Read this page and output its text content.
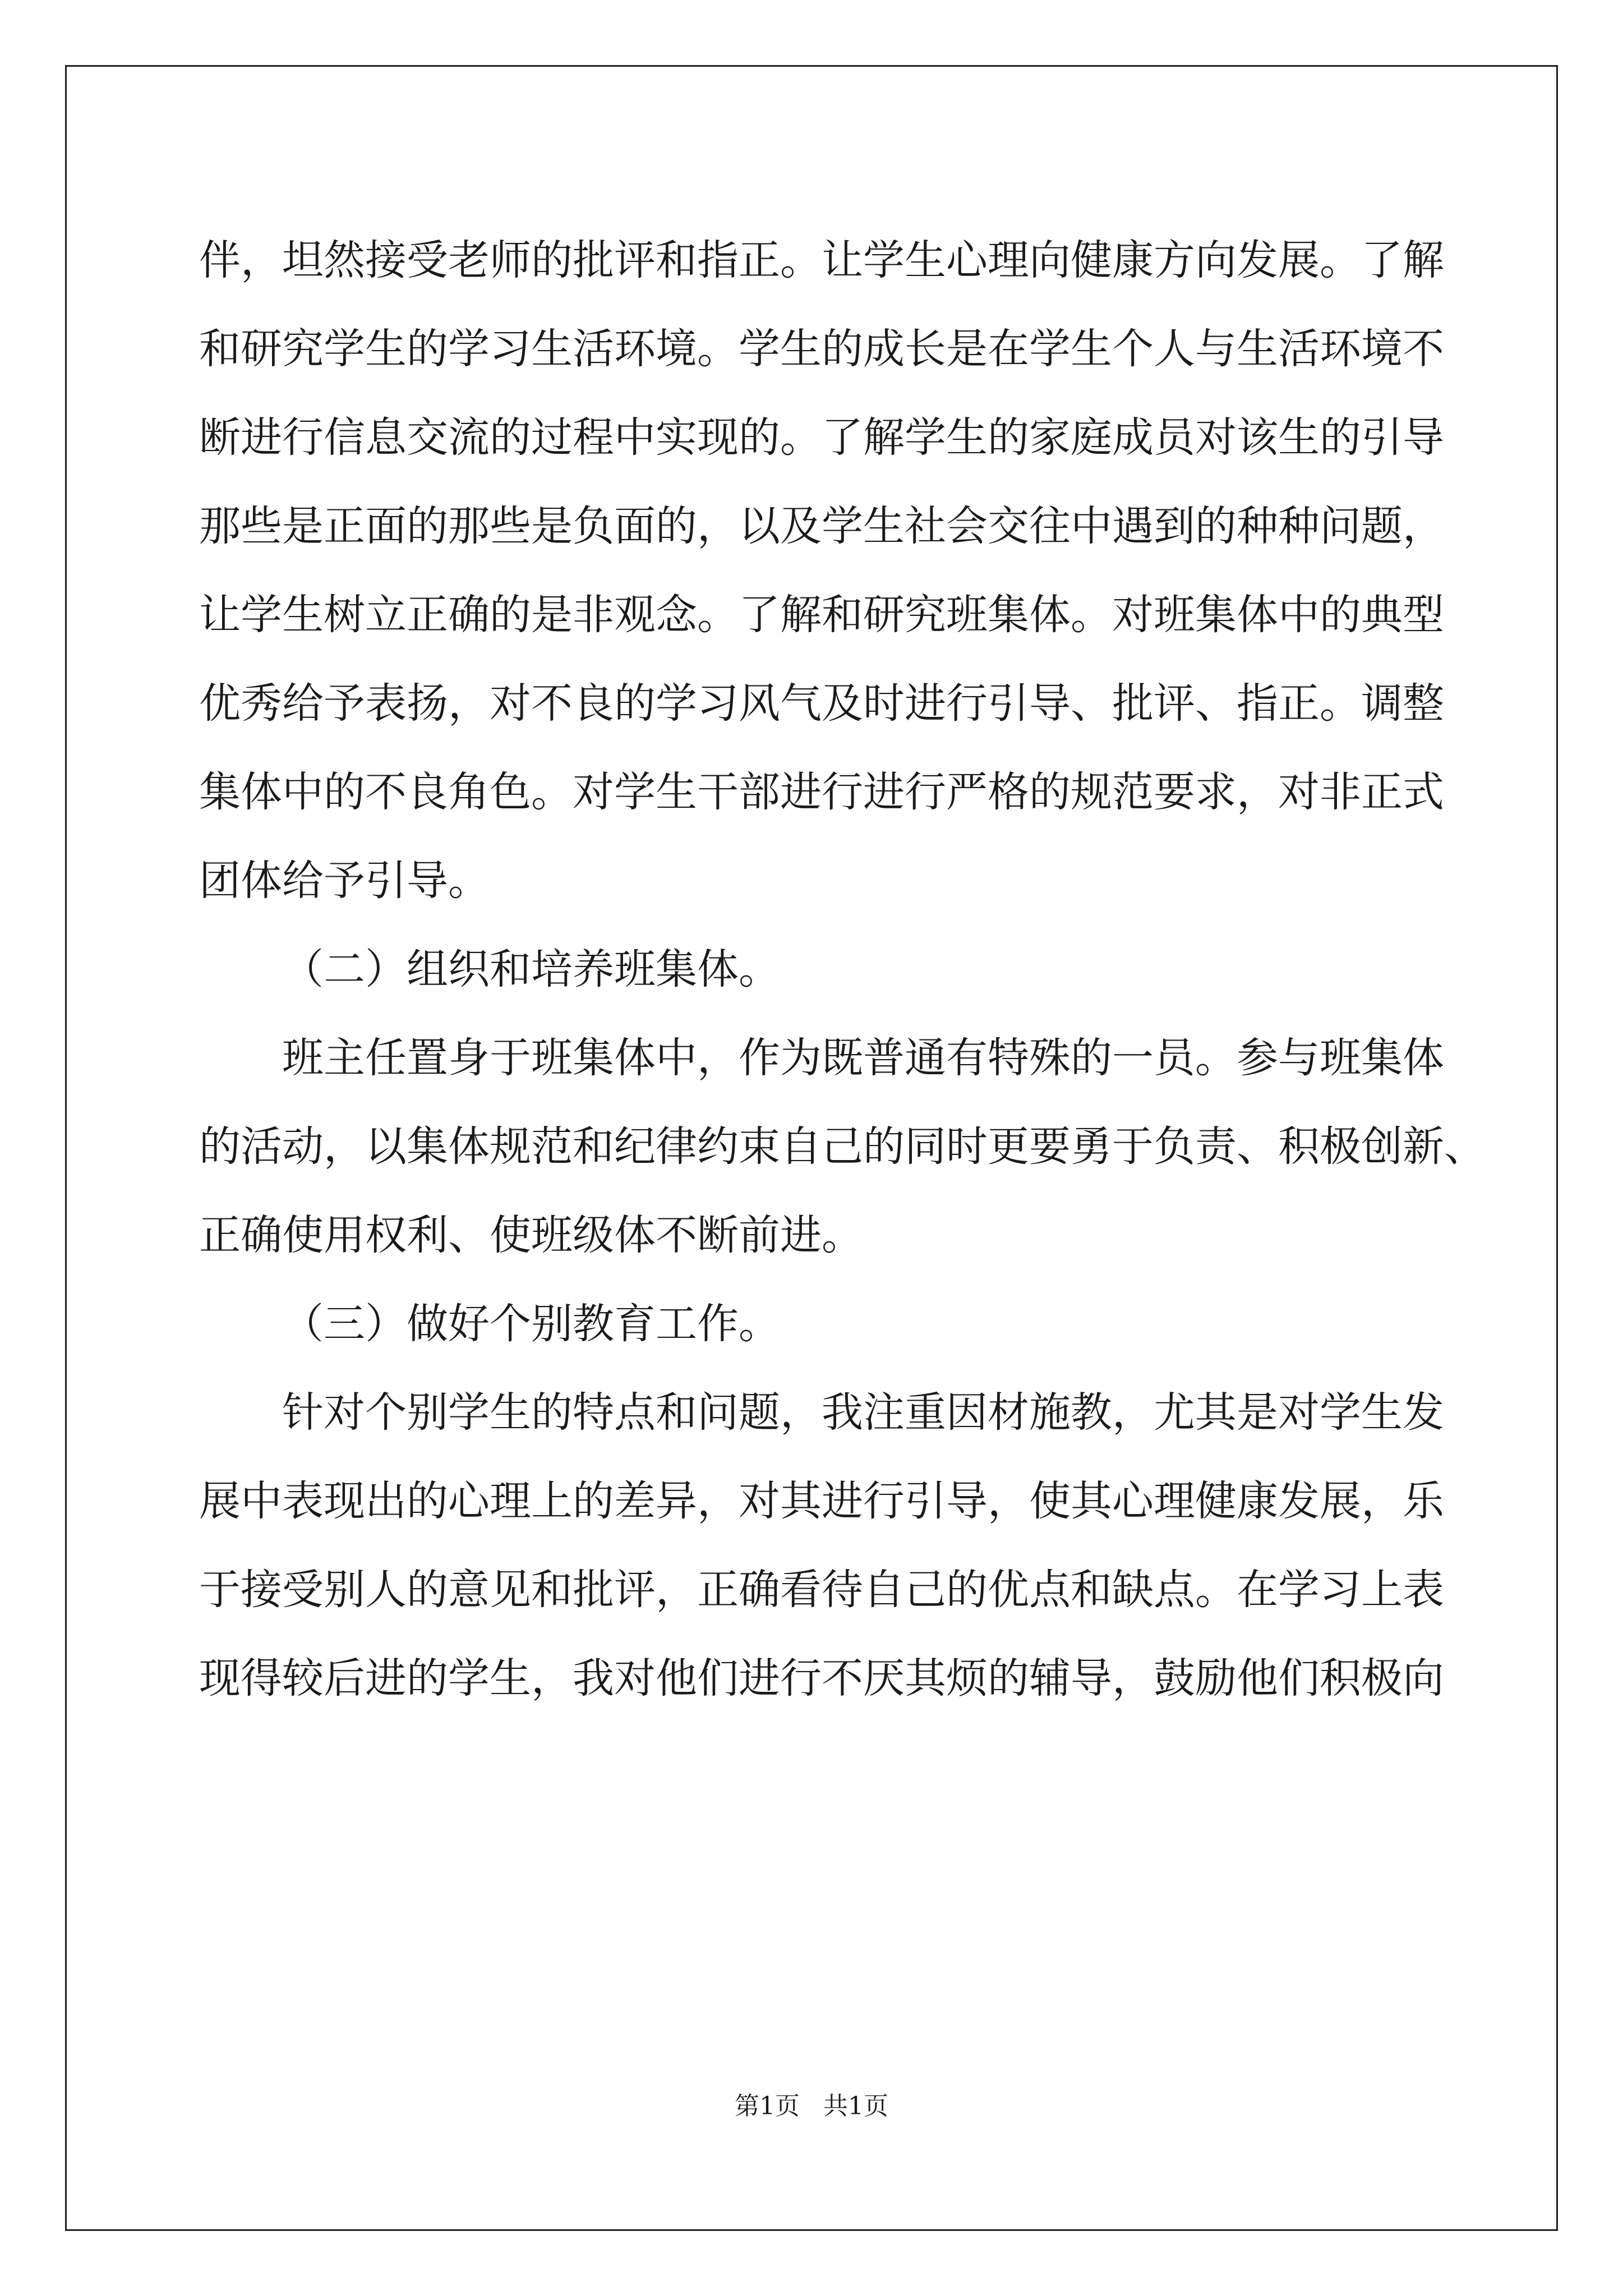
伴，坦然接受老师的批评和指正。让学生心理向健康方向发展。了解

和研究学生的学习生活环境。学生的成长是在学生个人与生活环境不

断进行信息交流的过程中实现的。了解学生的家庭成员对该生的引导

那些是正面的那些是负面的，以及学生社会交往中遇到的种种问题，

让学生树立正确的是非观念。了解和研究班集体。对班集体中的典型

优秀给予表扬，对不良的学习风气及时进行引导、批评、指正。调整

集体中的不良角色。对学生干部进行进行严格的规范要求，对非正式

团体给予引导。

（二）组织和培养班集体。

班主任置身于班集体中，作为既普通有特殊的一员。参与班集体

的活动，以集体规范和纪律约束自己的同时更要勇于负责、积极创新、

正确使用权利、使班级体不断前进。

（三）做好个别教育工作。

针对个别学生的特点和问题，我注重因材施教，尤其是对学生发

展中表现出的心理上的差异，对其进行引导，使其心理健康发展，乐

于接受别人的意见和批评，正确看待自己的优点和缺点。在学习上表

现得较后进的学生，我对他们进行不厌其烦的辅导，鼓励他们积极向

第1页   共1页
